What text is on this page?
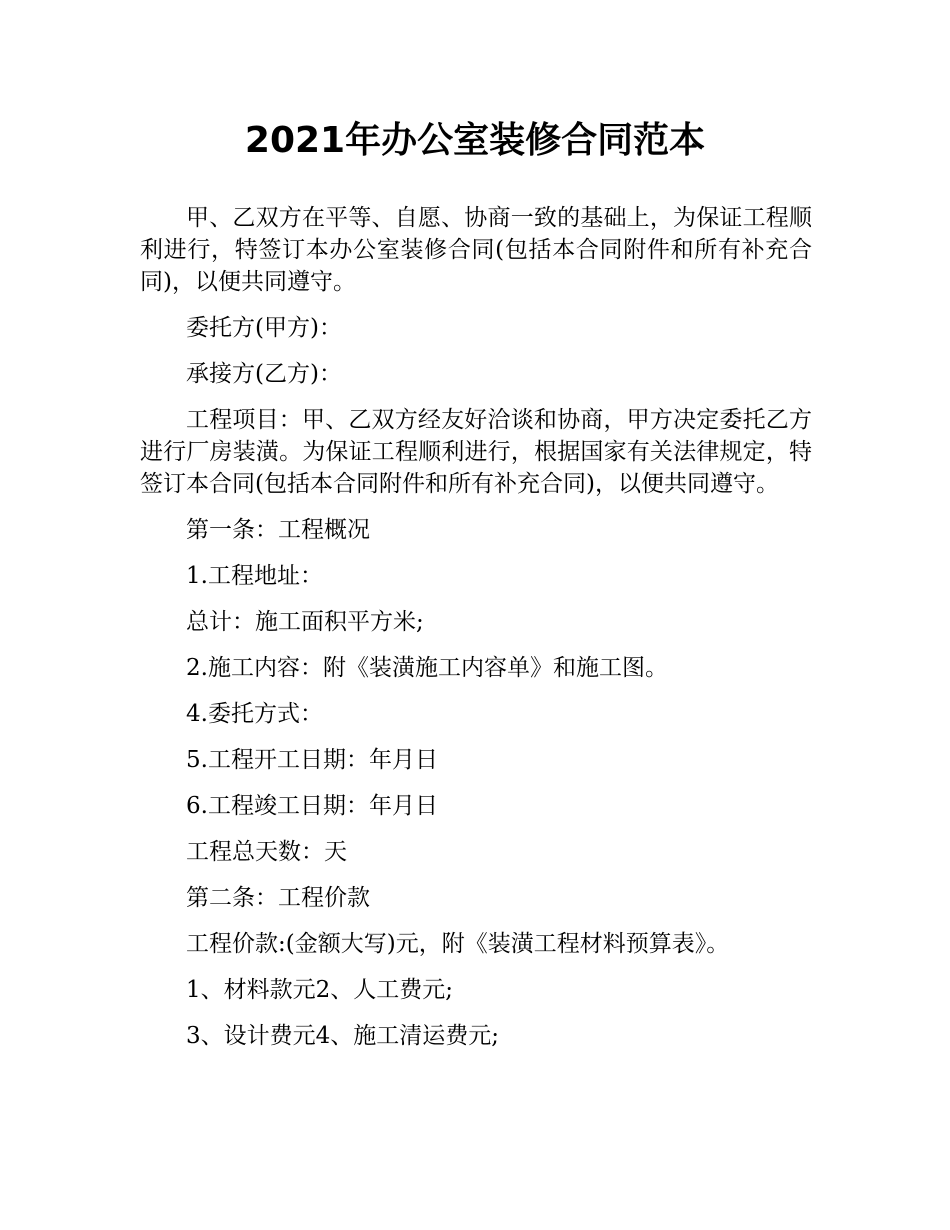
2021年办公室装修合同范本

甲、乙双方在平等、自愿、协商一致的基础上，为保证工程顺利进行，特签订本办公室装修合同(包括本合同附件和所有补充合同)，以便共同遵守。

委托方(甲方)：

承接方(乙方)：

工程项目：甲、乙双方经友好洽谈和协商，甲方决定委托乙方进行厂房装潢。为保证工程顺利进行，根据国家有关法律规定，特签订本合同(包括本合同附件和所有补充合同)，以便共同遵守。

第一条：工程概况

1.工程地址：

总计：施工面积平方米;

2.施工内容：附《装潢施工内容单》和施工图。

4.委托方式：

5.工程开工日期：年月日

6.工程竣工日期：年月日

工程总天数：天

第二条：工程价款

工程价款:(金额大写)元，附《装潢工程材料预算表》。

1、材料款元2、人工费元;

3、设计费元4、施工清运费元;
